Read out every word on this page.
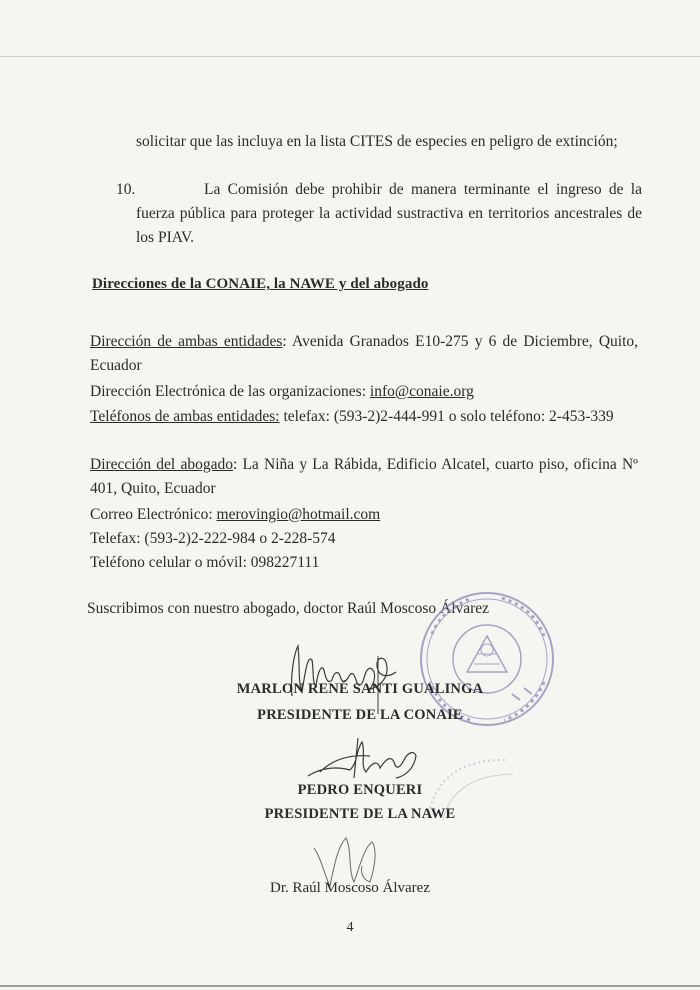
solicitar que las incluya en la lista CITES de especies en peligro de extinción;
10.	La Comisión debe prohibir de manera terminante el ingreso de la fuerza pública para proteger la actividad sustractiva en territorios ancestrales de los PIAV.
Direcciones de la CONAIE, la NAWE y del abogado
Dirección de ambas entidades: Avenida Granados E10-275 y 6 de Diciembre, Quito, Ecuador
Dirección Electrónica de las organizaciones: info@conaie.org
Teléfonos de ambas entidades: telefax: (593-2)2-444-991 o solo teléfono: 2-453-339
Dirección del abogado: La Niña y La Rábida, Edificio Alcatel, cuarto piso, oficina Nº 401, Quito, Ecuador
Correo Electrónico: merovingio@hotmail.com
Telefax: (593-2)2-222-984 o 2-228-574
Teléfono celular o móvil: 098227111
Suscribimos con nuestro abogado, doctor Raúl Moscoso Álvarez
MARLON RENÉ SANTI GUALINGA
PRESIDENTE DE LA CONAIE
PEDRO ENQUERI
PRESIDENTE DE LA NAWE
Dr. Raúl Moscoso Álvarez
4
